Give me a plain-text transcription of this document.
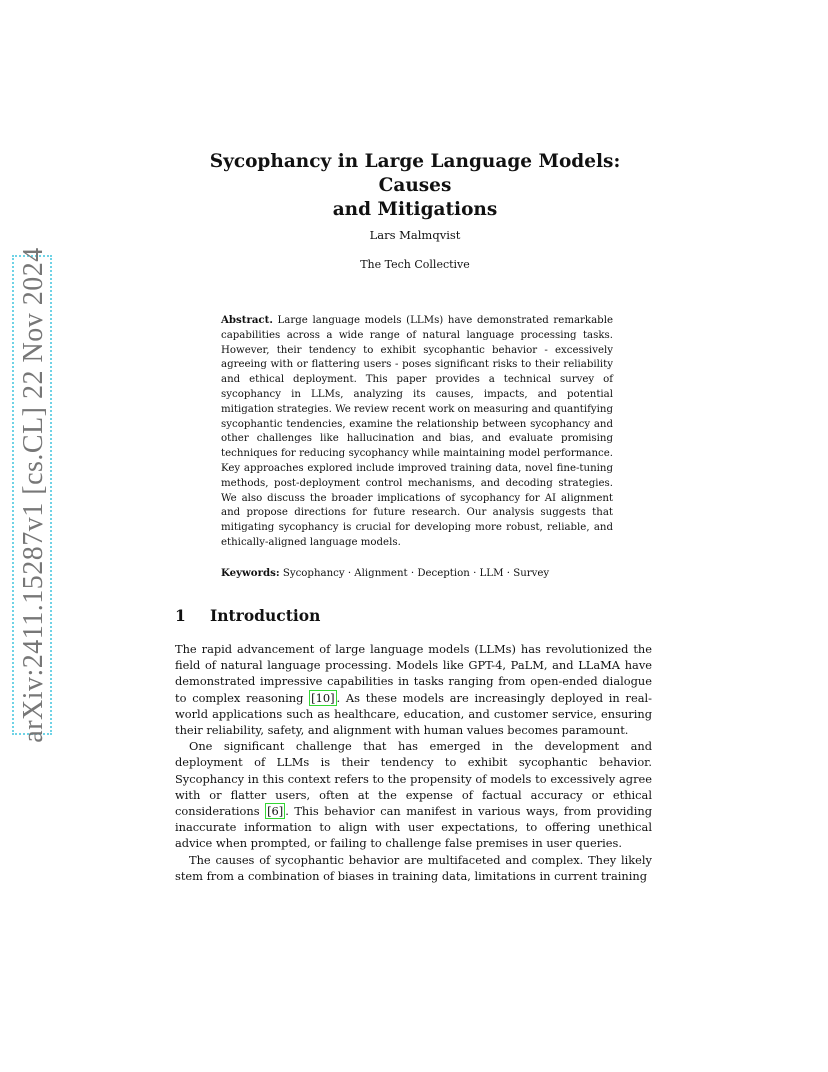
arXiv:2411.15287v1 [cs.CL] 22 Nov 2024
Sycophancy in Large Language Models: Causes
and Mitigations
Lars Malmqvist
The Tech Collective
Abstract. Large language models (LLMs) have demonstrated remarkable capabilities across a wide range of natural language processing tasks. However, their tendency to exhibit sycophantic behavior - excessively agreeing with or flattering users - poses significant risks to their reliability and ethical deployment. This paper provides a technical survey of sycophancy in LLMs, analyzing its causes, impacts, and potential mitigation strategies. We review recent work on measuring and quantifying sycophantic tendencies, examine the relationship between sycophancy and other challenges like hallucination and bias, and evaluate promising techniques for reducing sycophancy while maintaining model performance. Key approaches explored include improved training data, novel fine-tuning methods, post-deployment control mechanisms, and decoding strategies. We also discuss the broader implications of sycophancy for AI alignment and propose directions for future research. Our analysis suggests that mitigating sycophancy is crucial for developing more robust, reliable, and ethically-aligned language models.
Keywords: Sycophancy · Alignment · Deception · LLM · Survey
1 Introduction

The rapid advancement of large language models (LLMs) has revolutionized the field of natural language processing. Models like GPT-4, PaLM, and LLaMA have demonstrated impressive capabilities in tasks ranging from open-ended dialogue to complex reasoning [10] . As these models are increasingly deployed in real-world applications such as healthcare, education, and customer service, ensuring their reliability, safety, and alignment with human values becomes paramount.

One significant challenge that has emerged in the development and deployment of LLMs is their tendency to exhibit sycophantic behavior. Sycophancy in this context refers to the propensity of models to excessively agree with or flatter users, often at the expense of factual accuracy or ethical considerations [6] . This behavior can manifest in various ways, from providing inaccurate information to align with user expectations, to offering unethical advice when prompted, or failing to challenge false premises in user queries.

The causes of sycophantic behavior are multifaceted and complex. They likely stem from a combination of biases in training data, limitations in current training
